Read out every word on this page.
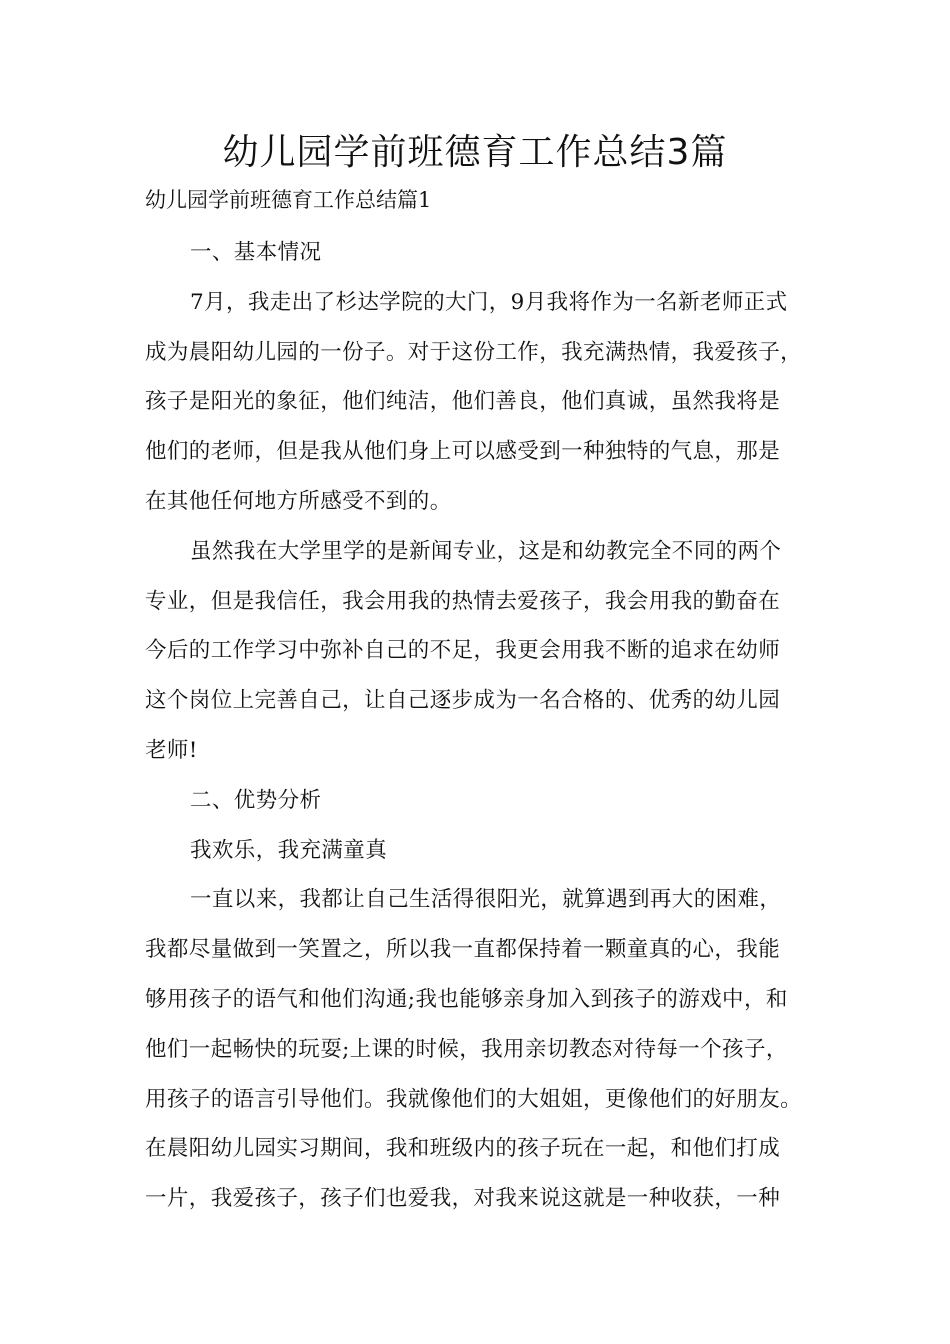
幼儿园学前班德育工作总结3篇
幼儿园学前班德育工作总结篇1
一、基本情况
7月，我走出了杉达学院的大门，9月我将作为一名新老师正式
成为晨阳幼儿园的一份子。对于这份工作，我充满热情，我爱孩子，
孩子是阳光的象征，他们纯洁，他们善良，他们真诚，虽然我将是
他们的老师，但是我从他们身上可以感受到一种独特的气息，那是
在其他任何地方所感受不到的。
虽然我在大学里学的是新闻专业，这是和幼教完全不同的两个
专业，但是我信任，我会用我的热情去爱孩子，我会用我的勤奋在
今后的工作学习中弥补自己的不足，我更会用我不断的追求在幼师
这个岗位上完善自己，让自己逐步成为一名合格的、优秀的幼儿园
老师!
二、优势分析
我欢乐，我充满童真
一直以来，我都让自己生活得很阳光，就算遇到再大的困难，
我都尽量做到一笑置之，所以我一直都保持着一颗童真的心，我能
够用孩子的语气和他们沟通;我也能够亲身加入到孩子的游戏中，和
他们一起畅快的玩耍;上课的时候，我用亲切教态对待每一个孩子，
用孩子的语言引导他们。我就像他们的大姐姐，更像他们的好朋友。
在晨阳幼儿园实习期间，我和班级内的孩子玩在一起，和他们打成
一片，我爱孩子，孩子们也爱我，对我来说这就是一种收获，一种
